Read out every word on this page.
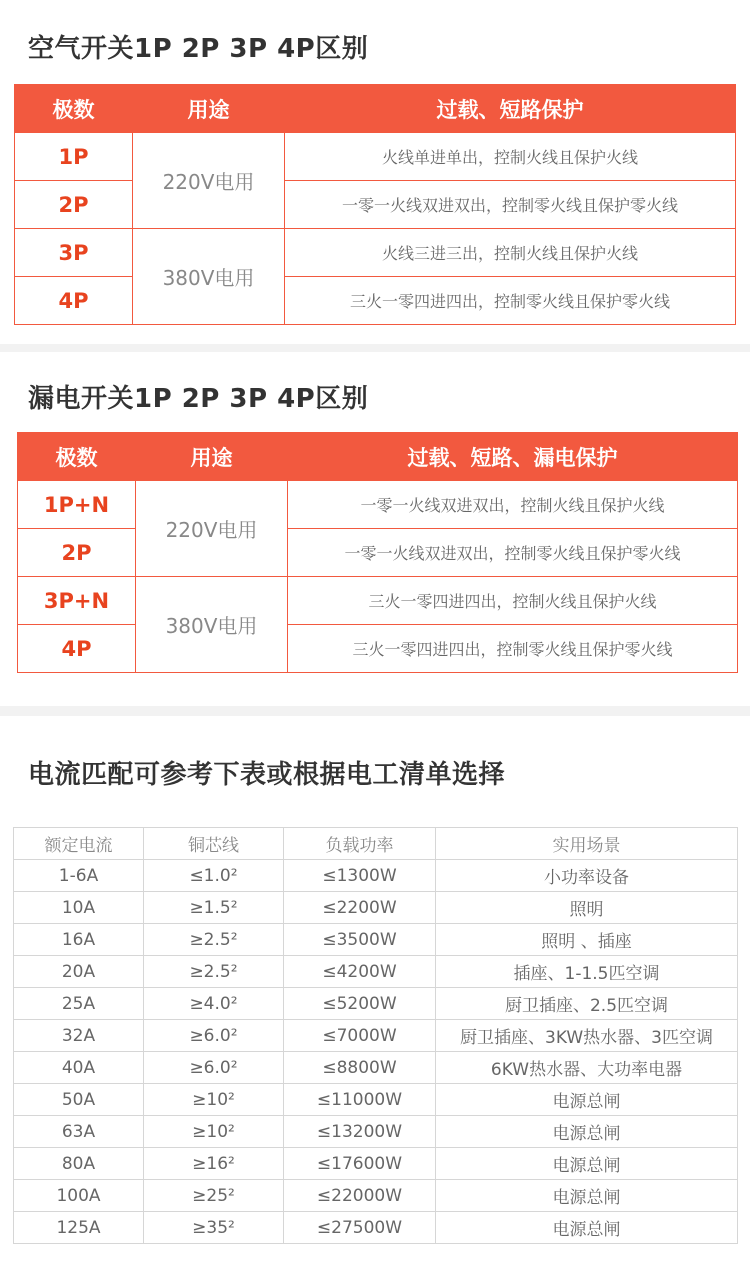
空气开关1P 2P 3P 4P区别
极数	用途	过载、短路保护
1P	220V电用	火线单进单出，控制火线且保护火线
2P		一零一火线双进双出，控制零火线且保护零火线
3P	380V电用	火线三进三出，控制火线且保护火线
4P		三火一零四进四出，控制零火线且保护零火线
漏电开关1P 2P 3P 4P区别
极数	用途	过载、短路、漏电保护
1P+N	220V电用	一零一火线双进双出，控制火线且保护火线
2P		一零一火线双进双出，控制零火线且保护零火线
3P+N	380V电用	三火一零四进四出，控制火线且保护火线
4P		三火一零四进四出，控制零火线且保护零火线
电流匹配可参考下表或根据电工清单选择
额定电流	铜芯线	负载功率	实用场景
1-6A	≤1.0²	≤1300W	小功率设备
10A	≥1.5²	≤2200W	照明
16A	≥2.5²	≤3500W	照明 、插座
20A	≥2.5²	≤4200W	插座、1-1.5匹空调
25A	≥4.0²	≤5200W	厨卫插座、2.5匹空调
32A	≥6.0²	≤7000W	厨卫插座、3KW热水器、3匹空调
40A	≥6.0²	≤8800W	6KW热水器、大功率电器
50A	≥10²	≤11000W	电源总闸
63A	≥10²	≤13200W	电源总闸
80A	≥16²	≤17600W	电源总闸
100A	≥25²	≤22000W	电源总闸
125A	≥35²	≤27500W	电源总闸
